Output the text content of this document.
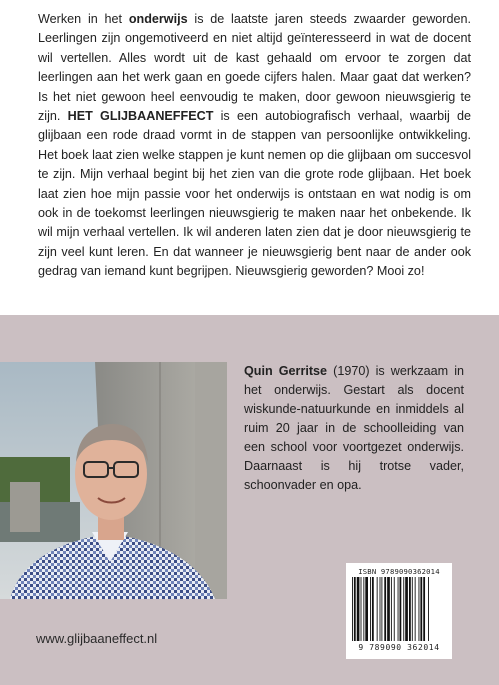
Werken in het onderwijs is de laatste jaren steeds zwaarder geworden. Leerlingen zijn ongemotiveerd en niet altijd geïnteresseerd in wat de docent wil vertellen. Alles wordt uit de kast gehaald om ervoor te zorgen dat leerlingen aan het werk gaan en goede cijfers halen. Maar gaat dat werken? Is het niet gewoon heel eenvoudig te maken, door gewoon nieuwsgierig te zijn. HET GLIJBAANEFFECT is een autobiografisch verhaal, waarbij de glijbaan een rode draad vormt in de stappen van persoonlijke ontwikkeling. Het boek laat zien welke stappen je kunt nemen op die glijbaan om succesvol te zijn. Mijn verhaal begint bij het zien van die grote rode glijbaan. Het boek laat zien hoe mijn passie voor het onderwijs is ontstaan en wat nodig is om ook in de toekomst leerlingen nieuwsgierig te maken naar het onbekende. Ik wil mijn verhaal vertellen. Ik wil anderen laten zien dat je door nieuwsgierig te zijn veel kunt leren. En dat wanneer je nieuwsgierig bent naar de ander ook gedrag van iemand kunt begrijpen. Nieuwsgierig geworden? Mooi zo!

Quin Gerritse (1970) is werkzaam in het onderwijs. Gestart als docent wiskunde-natuurkunde en inmiddels al ruim 20 jaar in de schoolleiding van een school voor voortgezet onderwijs. Daarnaast is hij trotse vader, schoonvader en opa.

ISBN 9789090362014
9 789090 362014
www.glijbaaneffect.nl
